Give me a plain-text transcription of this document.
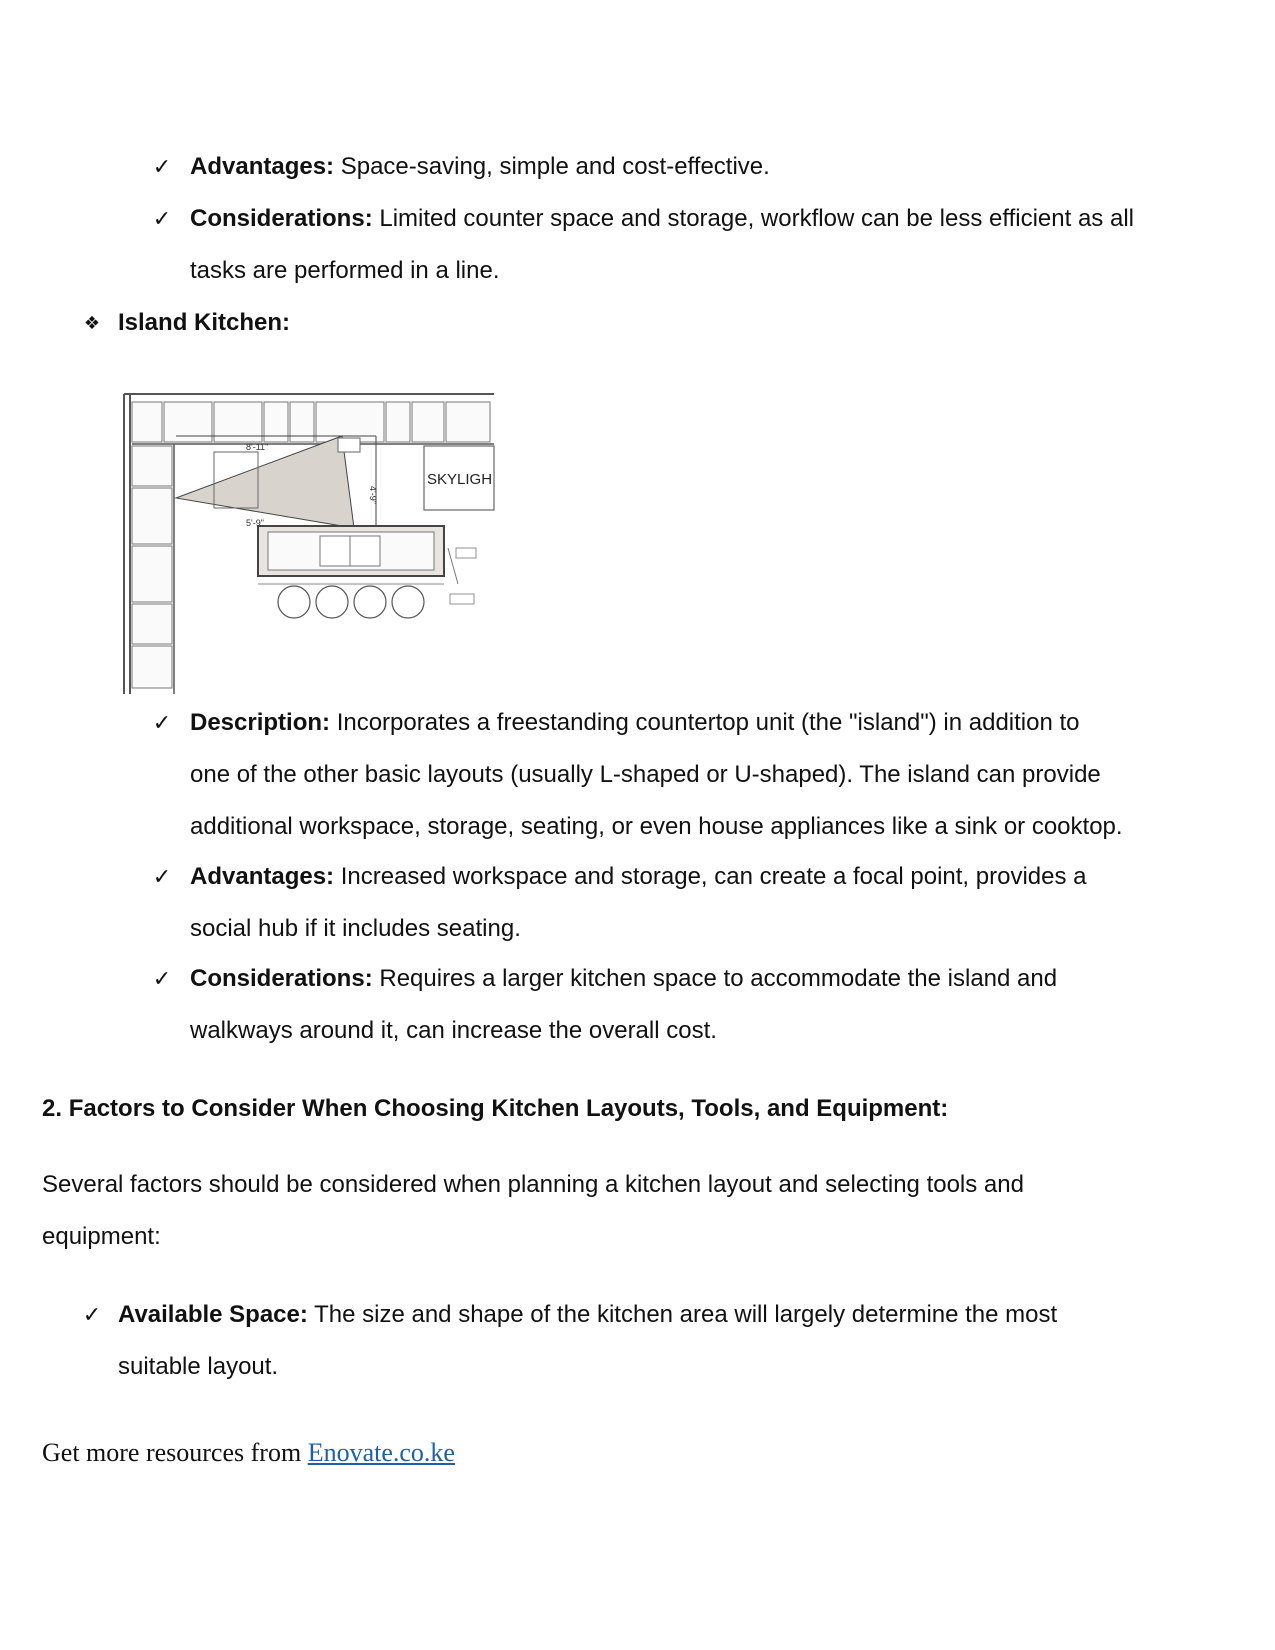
✓ Advantages: Space-saving, simple and cost-effective.
✓ Considerations: Limited counter space and storage, workflow can be less efficient as all
tasks are performed in a line.
❖ Island Kitchen:
SKYLIGH
8'-11"
4'-9"
5'-9"
✓ Description: Incorporates a freestanding countertop unit (the "island") in addition to
one of the other basic layouts (usually L-shaped or U-shaped). The island can provide
additional workspace, storage, seating, or even house appliances like a sink or cooktop.
✓ Advantages: Increased workspace and storage, can create a focal point, provides a
social hub if it includes seating.
✓ Considerations: Requires a larger kitchen space to accommodate the island and
walkways around it, can increase the overall cost.
2. Factors to Consider When Choosing Kitchen Layouts, Tools, and Equipment:
Several factors should be considered when planning a kitchen layout and selecting tools and
equipment:
✓ Available Space: The size and shape of the kitchen area will largely determine the most
suitable layout.
Get more resources from Enovate.co.ke
